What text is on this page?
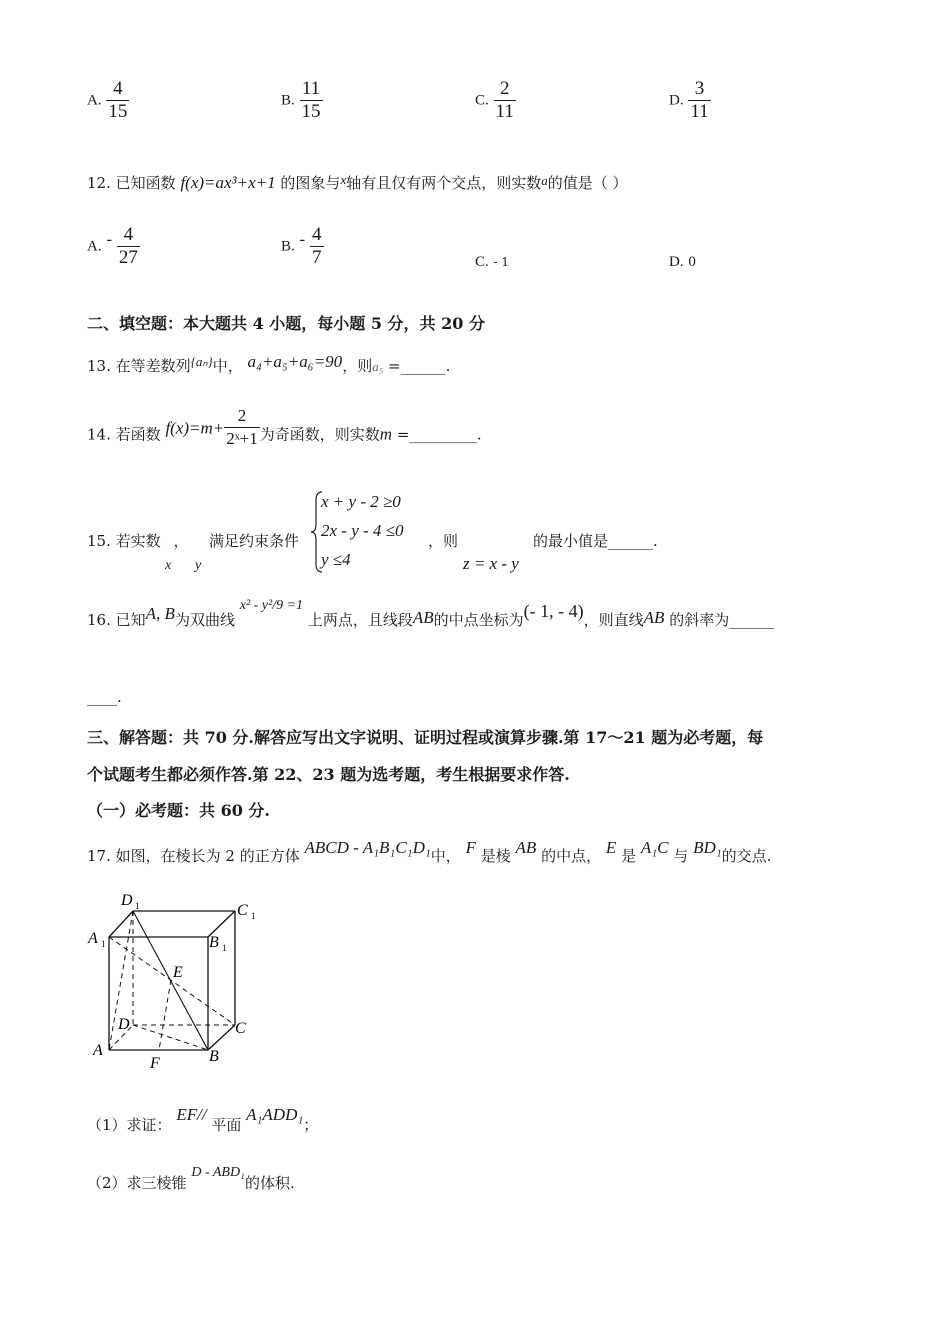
A. $\frac{4}{15}$	B. $\frac{11}{15}$	C. $\frac{2}{11}$	D. $\frac{3}{11}$
12. 已知函数 f(x)=ax³+x+1 的图象与x轴有且仅有两个交点，则实数a的值是（ ）
A. - $\frac{4}{27}$	B. - $\frac{4}{7}$	C. - 1	D. 0
二、填空题：本大题共 4 小题，每小题 5 分，共 20 分
13. 在等差数列{aₙ}中， a₄+a₅+a₆=90，则a₅ =______.
14. 若函数 $f(x)=m+ \frac{2}{\text{2ˣ+1}}$ 为奇函数，则实数m =_________.
15. 若实数 ，
x y
满足约束条件
x + y - 2 ≥0
2x - y - 4 ≤0
y ≤4
，则
z = x - y
的最小值是______.
16. 已知A, B为双曲线 x² - y²/9 =1 上两点，且线段AB的中点坐标为(- 1, - 4)，则直线AB 的斜率为______
____.
三、解答题：共 70 分.解答应写出文字说明、证明过程或演算步骤.第 17～21 题为必考题，每
个试题考生都必须作答.第 22、23 题为选考题，考生根据要求作答.
（一）必考题：共 60 分.
17. 如图，在棱长为 2 的正方体 ABCD - A₁B₁C₁D₁中， F 是棱 AB 的中点， E 是 A₁C 与 BD₁的交点.
D 1	C 1
A 1	B 1
E
D	C
A	B
F
（1）求证： EF// 平面 A₁ADD₁；
（2）求三棱锥 D - ABD₁的体积.
